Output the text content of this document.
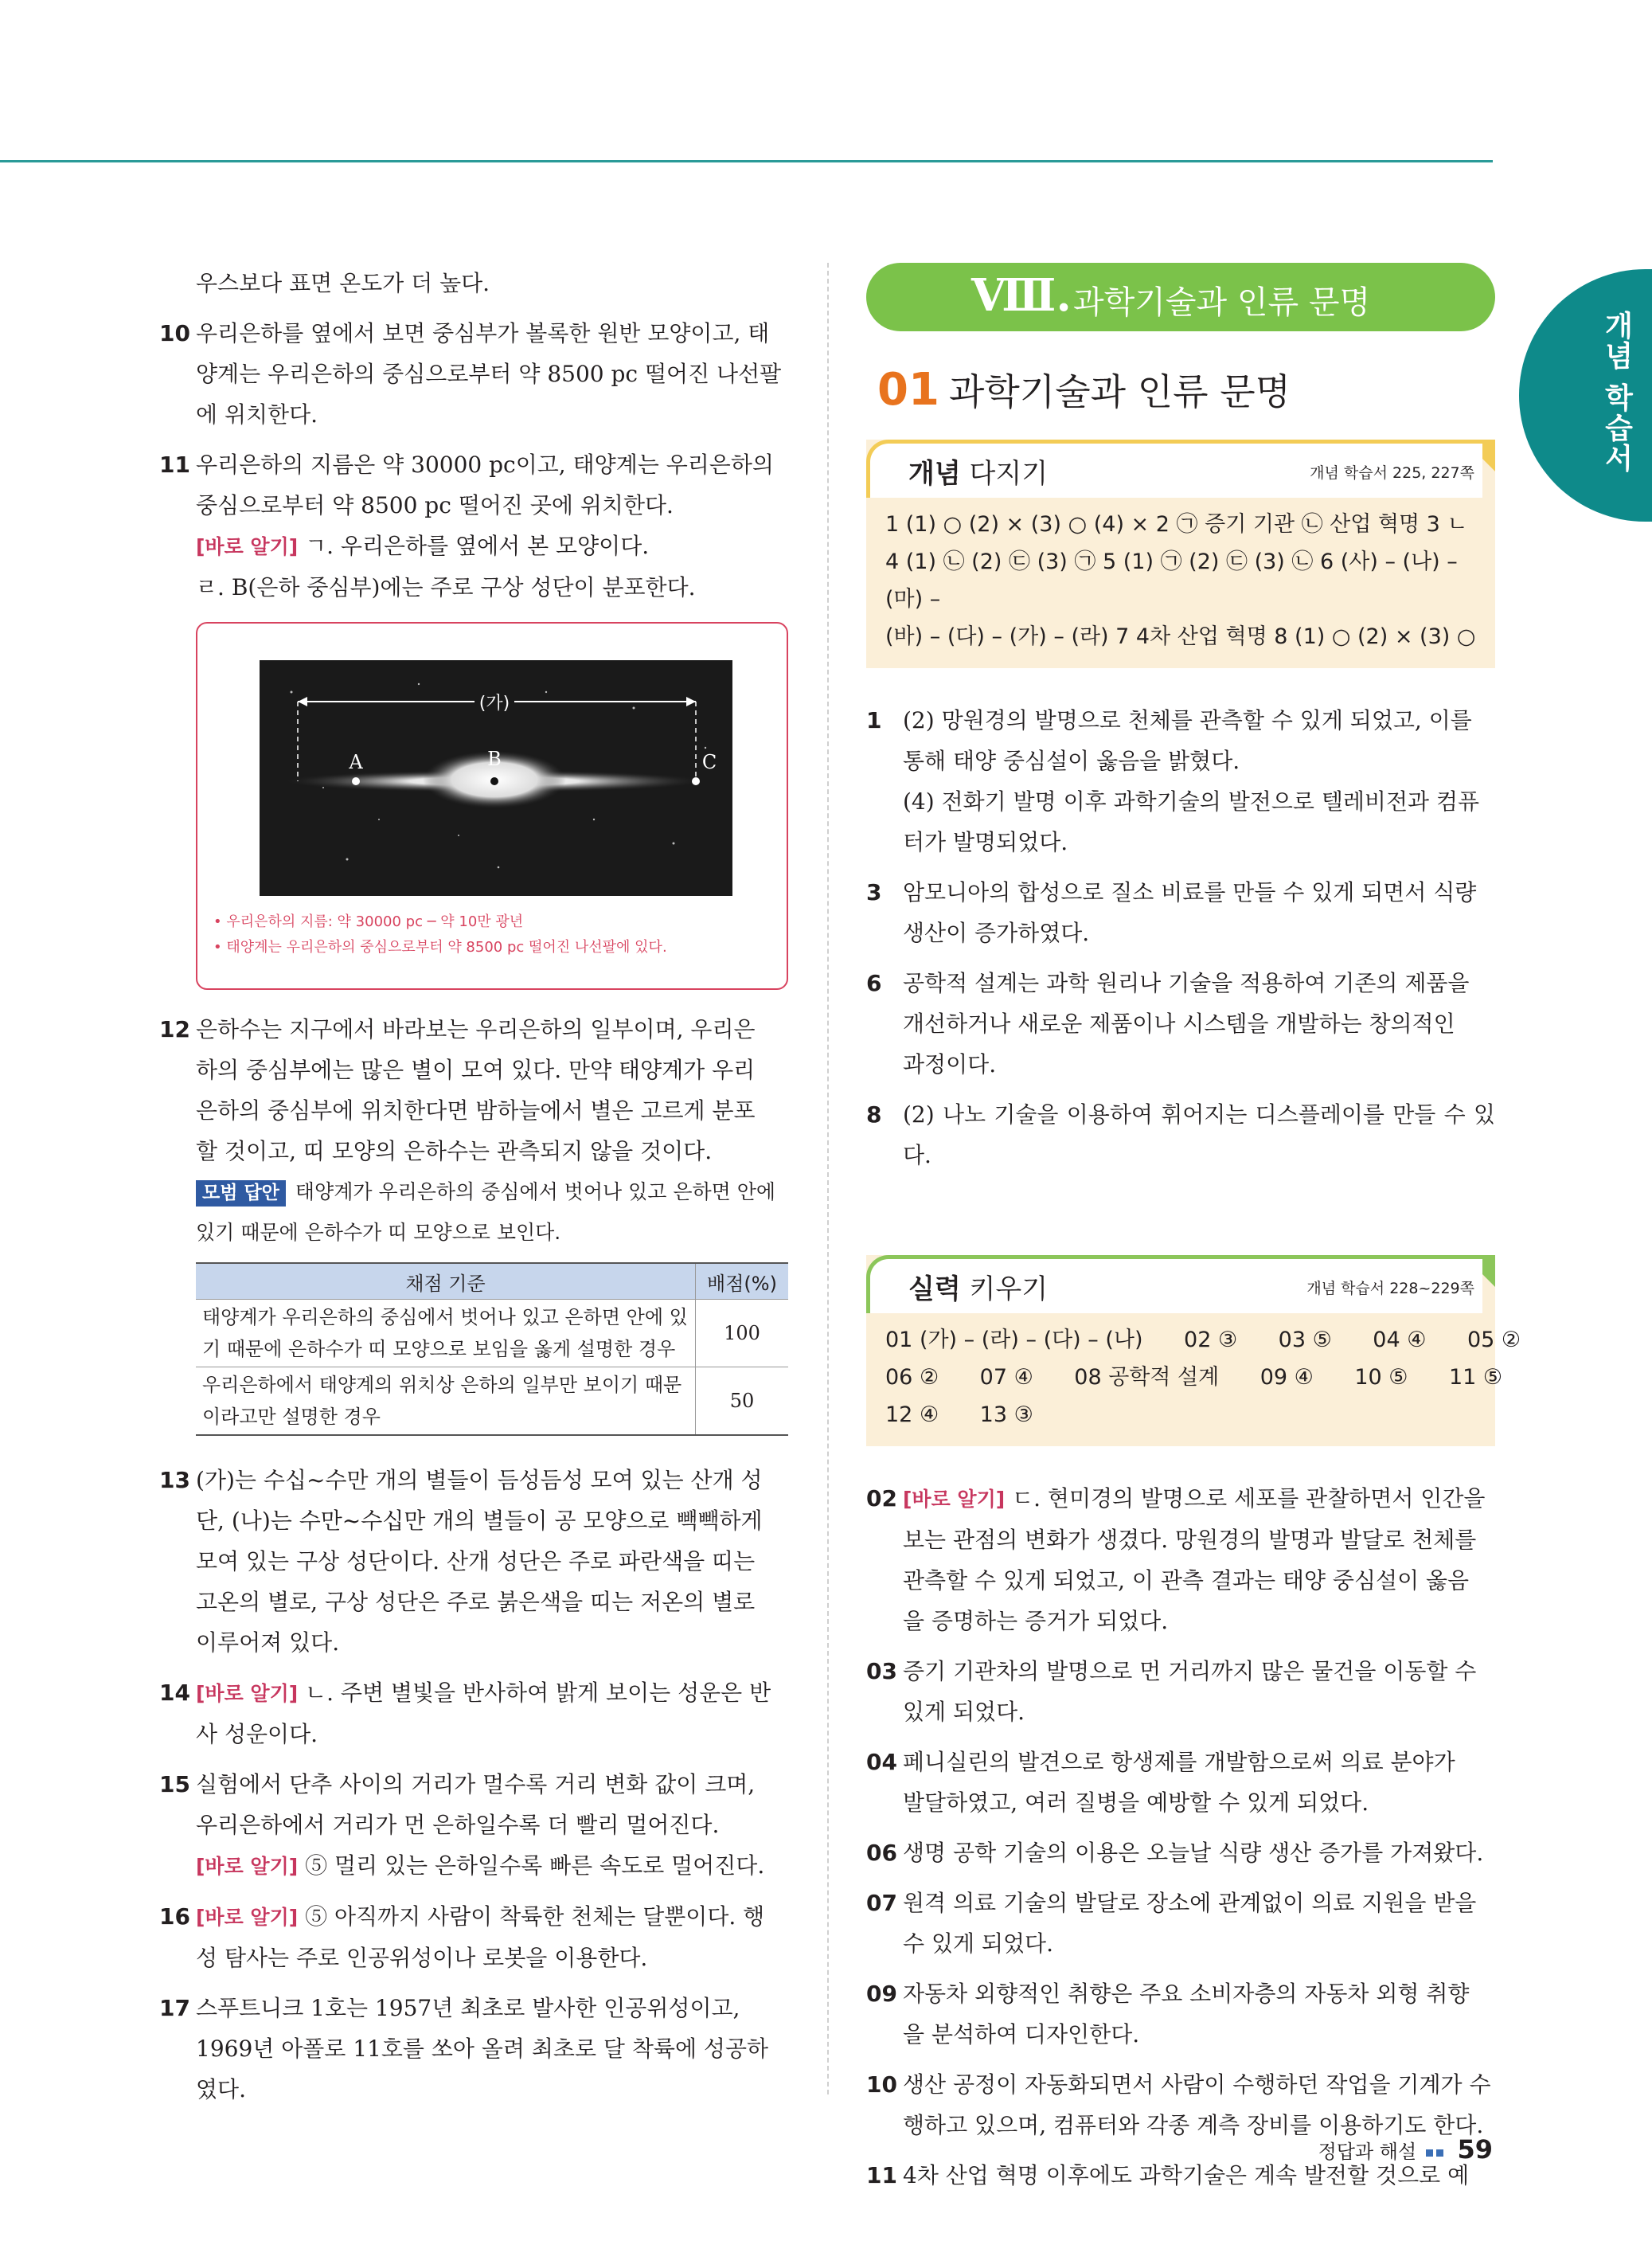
개념 학습서

우스보다 표면 온도가 더 높다.

10 우리은하를 옆에서 보면 중심부가 볼록한 원반 모양이고, 태

양계는 우리은하의 중심으로부터 약 8500 pc 떨어진 나선팔

에 위치한다.

11 우리은하의 지름은 약 30000 pc이고, 태양계는 우리은하의

중심으로부터 약 8500 pc 떨어진 곳에 위치한다.

[바로 알기] ㄱ. 우리은하를 옆에서 본 모양이다.

ㄹ. B(은하 중심부)에는 주로 구상 성단이 분포한다.

(가)
A	B	C
• 우리은하의 지름: 약 30000 pc ─ 약 10만 광년
• 태양계는 우리은하의 중심으로부터 약 8500 pc 떨어진 나선팔에 있다.
12 은하수는 지구에서 바라보는 우리은하의 일부이며, 우리은

하의 중심부에는 많은 별이 모여 있다. 만약 태양계가 우리

은하의 중심부에 위치한다면 밤하늘에서 별은 고르게 분포

할 것이고, 띠 모양의 은하수는 관측되지 않을 것이다.

모범 답안 태양계가 우리은하의 중심에서 벗어나 있고 은하면 안에

있기 때문에 은하수가 띠 모양으로 보인다.

채점 기준	배점(%)
태양계가 우리은하의 중심에서 벗어나 있고 은하면 안에 있기 때문에 은하수가 띠 모양으로 보임을 옳게 설명한 경우	100
우리은하에서 태양계의 위치상 은하의 일부만 보이기 때문이라고만 설명한 경우	50
13 (가)는 수십~수만 개의 별들이 듬성듬성 모여 있는 산개 성

단, (나)는 수만~수십만 개의 별들이 공 모양으로 빽빽하게

모여 있는 구상 성단이다. 산개 성단은 주로 파란색을 띠는

고온의 별로, 구상 성단은 주로 붉은색을 띠는 저온의 별로

이루어져 있다.

14 [바로 알기] ㄴ. 주변 별빛을 반사하여 밝게 보이는 성운은 반

사 성운이다.

15 실험에서 단추 사이의 거리가 멀수록 거리 변화 값이 크며,

우리은하에서 거리가 먼 은하일수록 더 빨리 멀어진다.

[바로 알기] ⑤ 멀리 있는 은하일수록 빠른 속도로 멀어진다.

16 [바로 알기] ⑤ 아직까지 사람이 착륙한 천체는 달뿐이다. 행

성 탐사는 주로 인공위성이나 로봇을 이용한다.

17 스푸트니크 1호는 1957년 최초로 발사한 인공위성이고,

1969년 아폴로 11호를 쏘아 올려 최초로 달 착륙에 성공하

였다.

Ⅷ. 과학기술과 인류 문명
01 과학기술과 인류 문명
개념 다지기	개념 학습서 225, 227쪽

1 (1) ○ (2) × (3) ○ (4) × 2 ㉠ 증기 기관 ㉡ 산업 혁명 3 ㄴ

4 (1) ㉡ (2) ㉢ (3) ㉠ 5 (1) ㉠ (2) ㉢ (3) ㉡ 6 (사) – (나) – (마) –

(바) – (다) – (가) – (라) 7 4차 산업 혁명 8 (1) ○ (2) × (3) ○

1 (2) 망원경의 발명으로 천체를 관측할 수 있게 되었고, 이를

통해 태양 중심설이 옳음을 밝혔다.

(4) 전화기 발명 이후 과학기술의 발전으로 텔레비전과 컴퓨

터가 발명되었다.

3 암모니아의 합성으로 질소 비료를 만들 수 있게 되면서 식량

생산이 증가하였다.

6 공학적 설계는 과학 원리나 기술을 적용하여 기존의 제품을

개선하거나 새로운 제품이나 시스템을 개발하는 창의적인

과정이다.

8 (2) 나노 기술을 이용하여 휘어지는 디스플레이를 만들 수 있다.

실력 키우기	개념 학습서 228~229쪽

01 (가) – (라) – (다) – (나)      02 ③      03 ⑤      04 ④      05 ②

06 ②      07 ④      08 공학적 설계      09 ④      10 ⑤      11 ⑤

12 ④      13 ③

02 [바로 알기] ㄷ. 현미경의 발명으로 세포를 관찰하면서 인간을

보는 관점의 변화가 생겼다. 망원경의 발명과 발달로 천체를

관측할 수 있게 되었고, 이 관측 결과는 태양 중심설이 옳음

을 증명하는 증거가 되었다.

03 증기 기관차의 발명으로 먼 거리까지 많은 물건을 이동할 수

있게 되었다.

04 페니실린의 발견으로 항생제를 개발함으로써 의료 분야가

발달하였고, 여러 질병을 예방할 수 있게 되었다.

06 생명 공학 기술의 이용은 오늘날 식량 생산 증가를 가져왔다.

07 원격 의료 기술의 발달로 장소에 관계없이 의료 지원을 받을

수 있게 되었다.

09 자동차 외향적인 취향은 주요 소비자층의 자동차 외형 취향

을 분석하여 디자인한다.

10 생산 공정이 자동화되면서 사람이 수행하던 작업을 기계가 수

행하고 있으며, 컴퓨터와 각종 계측 장비를 이용하기도 한다.

11 4차 산업 혁명 이후에도 과학기술은 계속 발전할 것으로 예

정답과 해설 59
